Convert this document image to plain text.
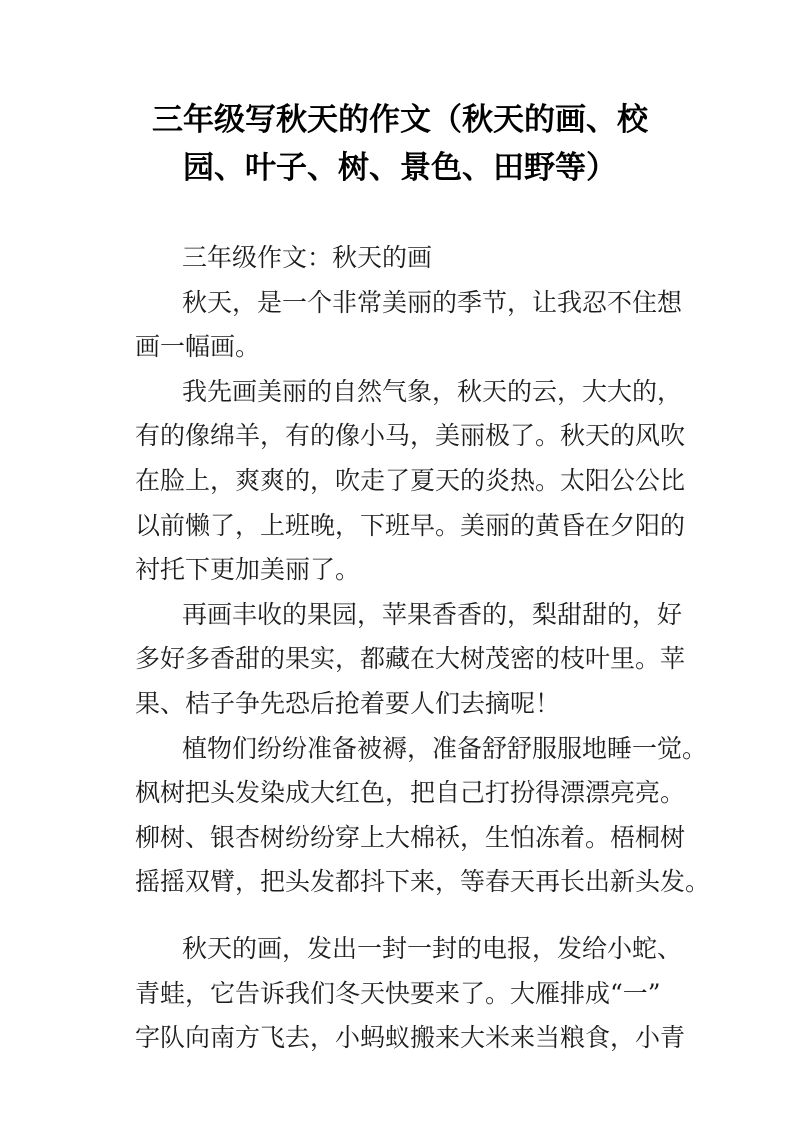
三年级写秋天的作文（秋天的画、校
园、叶子、树、景色、田野等）
三年级作文：秋天的画
秋天，是一个非常美丽的季节，让我忍不住想
画一幅画。
我先画美丽的自然气象，秋天的云，大大的，
有的像绵羊，有的像小马，美丽极了。秋天的风吹
在脸上，爽爽的，吹走了夏天的炎热。太阳公公比
以前懒了，上班晚，下班早。美丽的黄昏在夕阳的
衬托下更加美丽了。
再画丰收的果园，苹果香香的，梨甜甜的，好
多好多香甜的果实，都藏在大树茂密的枝叶里。苹
果、桔子争先恐后抢着要人们去摘呢！
植物们纷纷准备被褥，准备舒舒服服地睡一觉。
枫树把头发染成大红色，把自己打扮得漂漂亮亮。
柳树、银杏树纷纷穿上大棉袄，生怕冻着。梧桐树
摇摇双臂，把头发都抖下来，等春天再长出新头发。
秋天的画，发出一封一封的电报，发给小蛇、
青蛙，它告诉我们冬天快要来了。大雁排成“一”
字队向南方飞去，小蚂蚁搬来大米来当粮食，小青
